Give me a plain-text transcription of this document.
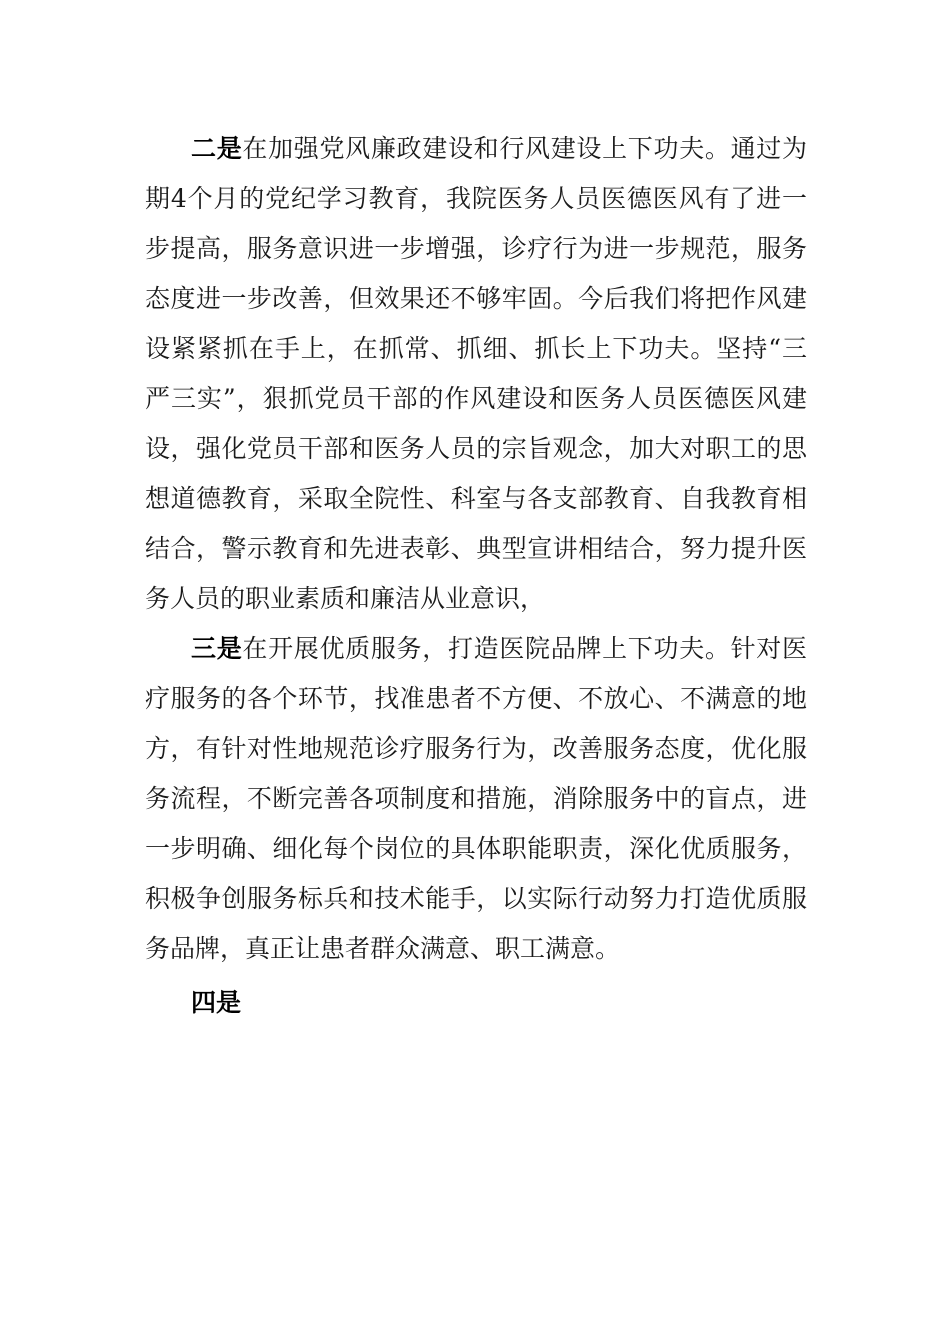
二是在加强党风廉政建设和行风建设上下功夫。通过为期4个月的党纪学习教育，我院医务人员医德医风有了进一步提高，服务意识进一步增强，诊疗行为进一步规范，服务态度进一步改善，但效果还不够牢固。今后我们将把作风建设紧紧抓在手上，在抓常、抓细、抓长上下功夫。坚持“三严三实”，狠抓党员干部的作风建设和医务人员医德医风建设，强化党员干部和医务人员的宗旨观念，加大对职工的思想道德教育，采取全院性、科室与各支部教育、自我教育相结合，警示教育和先进表彰、典型宣讲相结合，努力提升医务人员的职业素质和廉洁从业意识，

三是在开展优质服务，打造医院品牌上下功夫。针对医疗服务的各个环节，找准患者不方便、不放心、不满意的地方，有针对性地规范诊疗服务行为，改善服务态度，优化服务流程，不断完善各项制度和措施，消除服务中的盲点，进一步明确、细化每个岗位的具体职能职责，深化优质服务，积极争创服务标兵和技术能手，以实际行动努力打造优质服务品牌，真正让患者群众满意、职工满意。

四是
